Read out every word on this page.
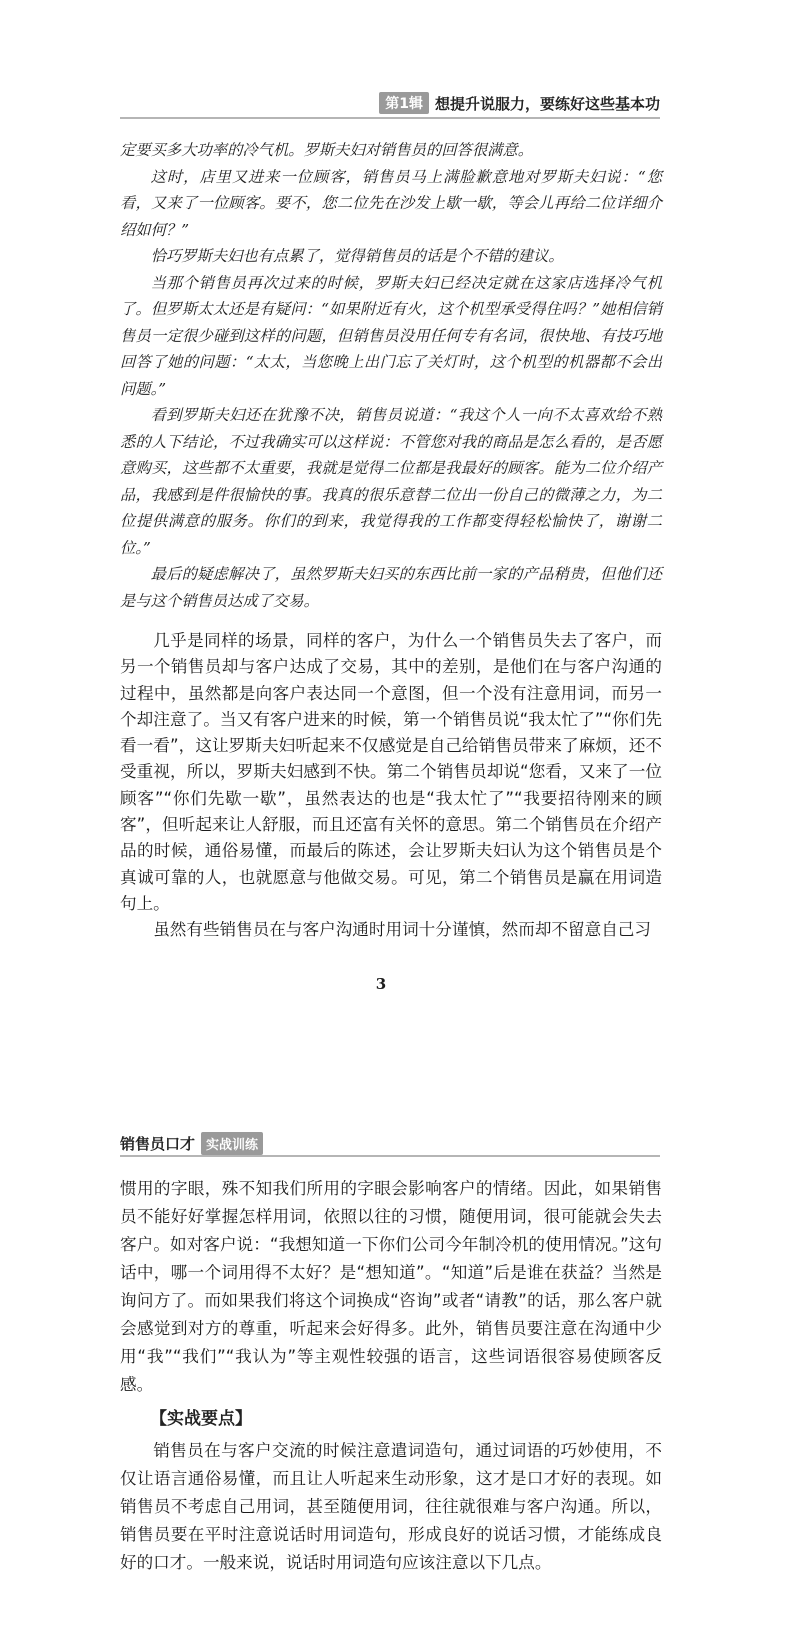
第1辑 想提升说服力，要练好这些基本功

定要买多大功率的冷气机。罗斯夫妇对销售员的回答很满意。

这时，店里又进来一位顾客，销售员马上满脸歉意地对罗斯夫妇说：“您看，又来了一位顾客。要不，您二位先在沙发上歇一歇，等会儿再给二位详细介绍如何？”

恰巧罗斯夫妇也有点累了，觉得销售员的话是个不错的建议。

当那个销售员再次过来的时候，罗斯夫妇已经决定就在这家店选择冷气机了。但罗斯太太还是有疑问：“如果附近有火，这个机型承受得住吗？”她相信销售员一定很少碰到这样的问题，但销售员没用任何专有名词，很快地、有技巧地回答了她的问题：“太太，当您晚上出门忘了关灯时，这个机型的机器都不会出问题。”

看到罗斯夫妇还在犹豫不决，销售员说道：“我这个人一向不太喜欢给不熟悉的人下结论，不过我确实可以这样说：不管您对我的商品是怎么看的，是否愿意购买，这些都不太重要，我就是觉得二位都是我最好的顾客。能为二位介绍产品，我感到是件很愉快的事。我真的很乐意替二位出一份自己的微薄之力，为二位提供满意的服务。你们的到来，我觉得我的工作都变得轻松愉快了，谢谢二位。”

最后的疑虑解决了，虽然罗斯夫妇买的东西比前一家的产品稍贵，但他们还是与这个销售员达成了交易。

几乎是同样的场景，同样的客户，为什么一个销售员失去了客户，而另一个销售员却与客户达成了交易，其中的差别，是他们在与客户沟通的过程中，虽然都是向客户表达同一个意图，但一个没有注意用词，而另一个却注意了。当又有客户进来的时候，第一个销售员说“我太忙了”“你们先看一看”，这让罗斯夫妇听起来不仅感觉是自己给销售员带来了麻烦，还不受重视，所以，罗斯夫妇感到不快。第二个销售员却说“您看，又来了一位顾客”“你们先歇一歇”，虽然表达的也是“我太忙了”“我要招待刚来的顾客”，但听起来让人舒服，而且还富有关怀的意思。第二个销售员在介绍产品的时候，通俗易懂，而最后的陈述，会让罗斯夫妇认为这个销售员是个真诚可靠的人，也就愿意与他做交易。可见，第二个销售员是赢在用词造句上。

虽然有些销售员在与客户沟通时用词十分谨慎，然而却不留意自己习

3
销售员口才 实战训练

惯用的字眼，殊不知我们所用的字眼会影响客户的情绪。因此，如果销售员不能好好掌握怎样用词，依照以往的习惯，随便用词，很可能就会失去客户。如对客户说：“我想知道一下你们公司今年制冷机的使用情况。”这句话中，哪一个词用得不太好？是“想知道”。“知道”后是谁在获益？当然是询问方了。而如果我们将这个词换成“咨询”或者“请教”的话，那么客户就会感觉到对方的尊重，听起来会好得多。此外，销售员要注意在沟通中少用“我”“我们”“我认为”等主观性较强的语言，这些词语很容易使顾客反感。

【实战要点】

销售员在与客户交流的时候注意遣词造句，通过词语的巧妙使用，不仅让语言通俗易懂，而且让人听起来生动形象，这才是口才好的表现。如销售员不考虑自己用词，甚至随便用词，往往就很难与客户沟通。所以，销售员要在平时注意说话时用词造句，形成良好的说话习惯，才能练成良好的口才。一般来说，说话时用词造句应该注意以下几点。
